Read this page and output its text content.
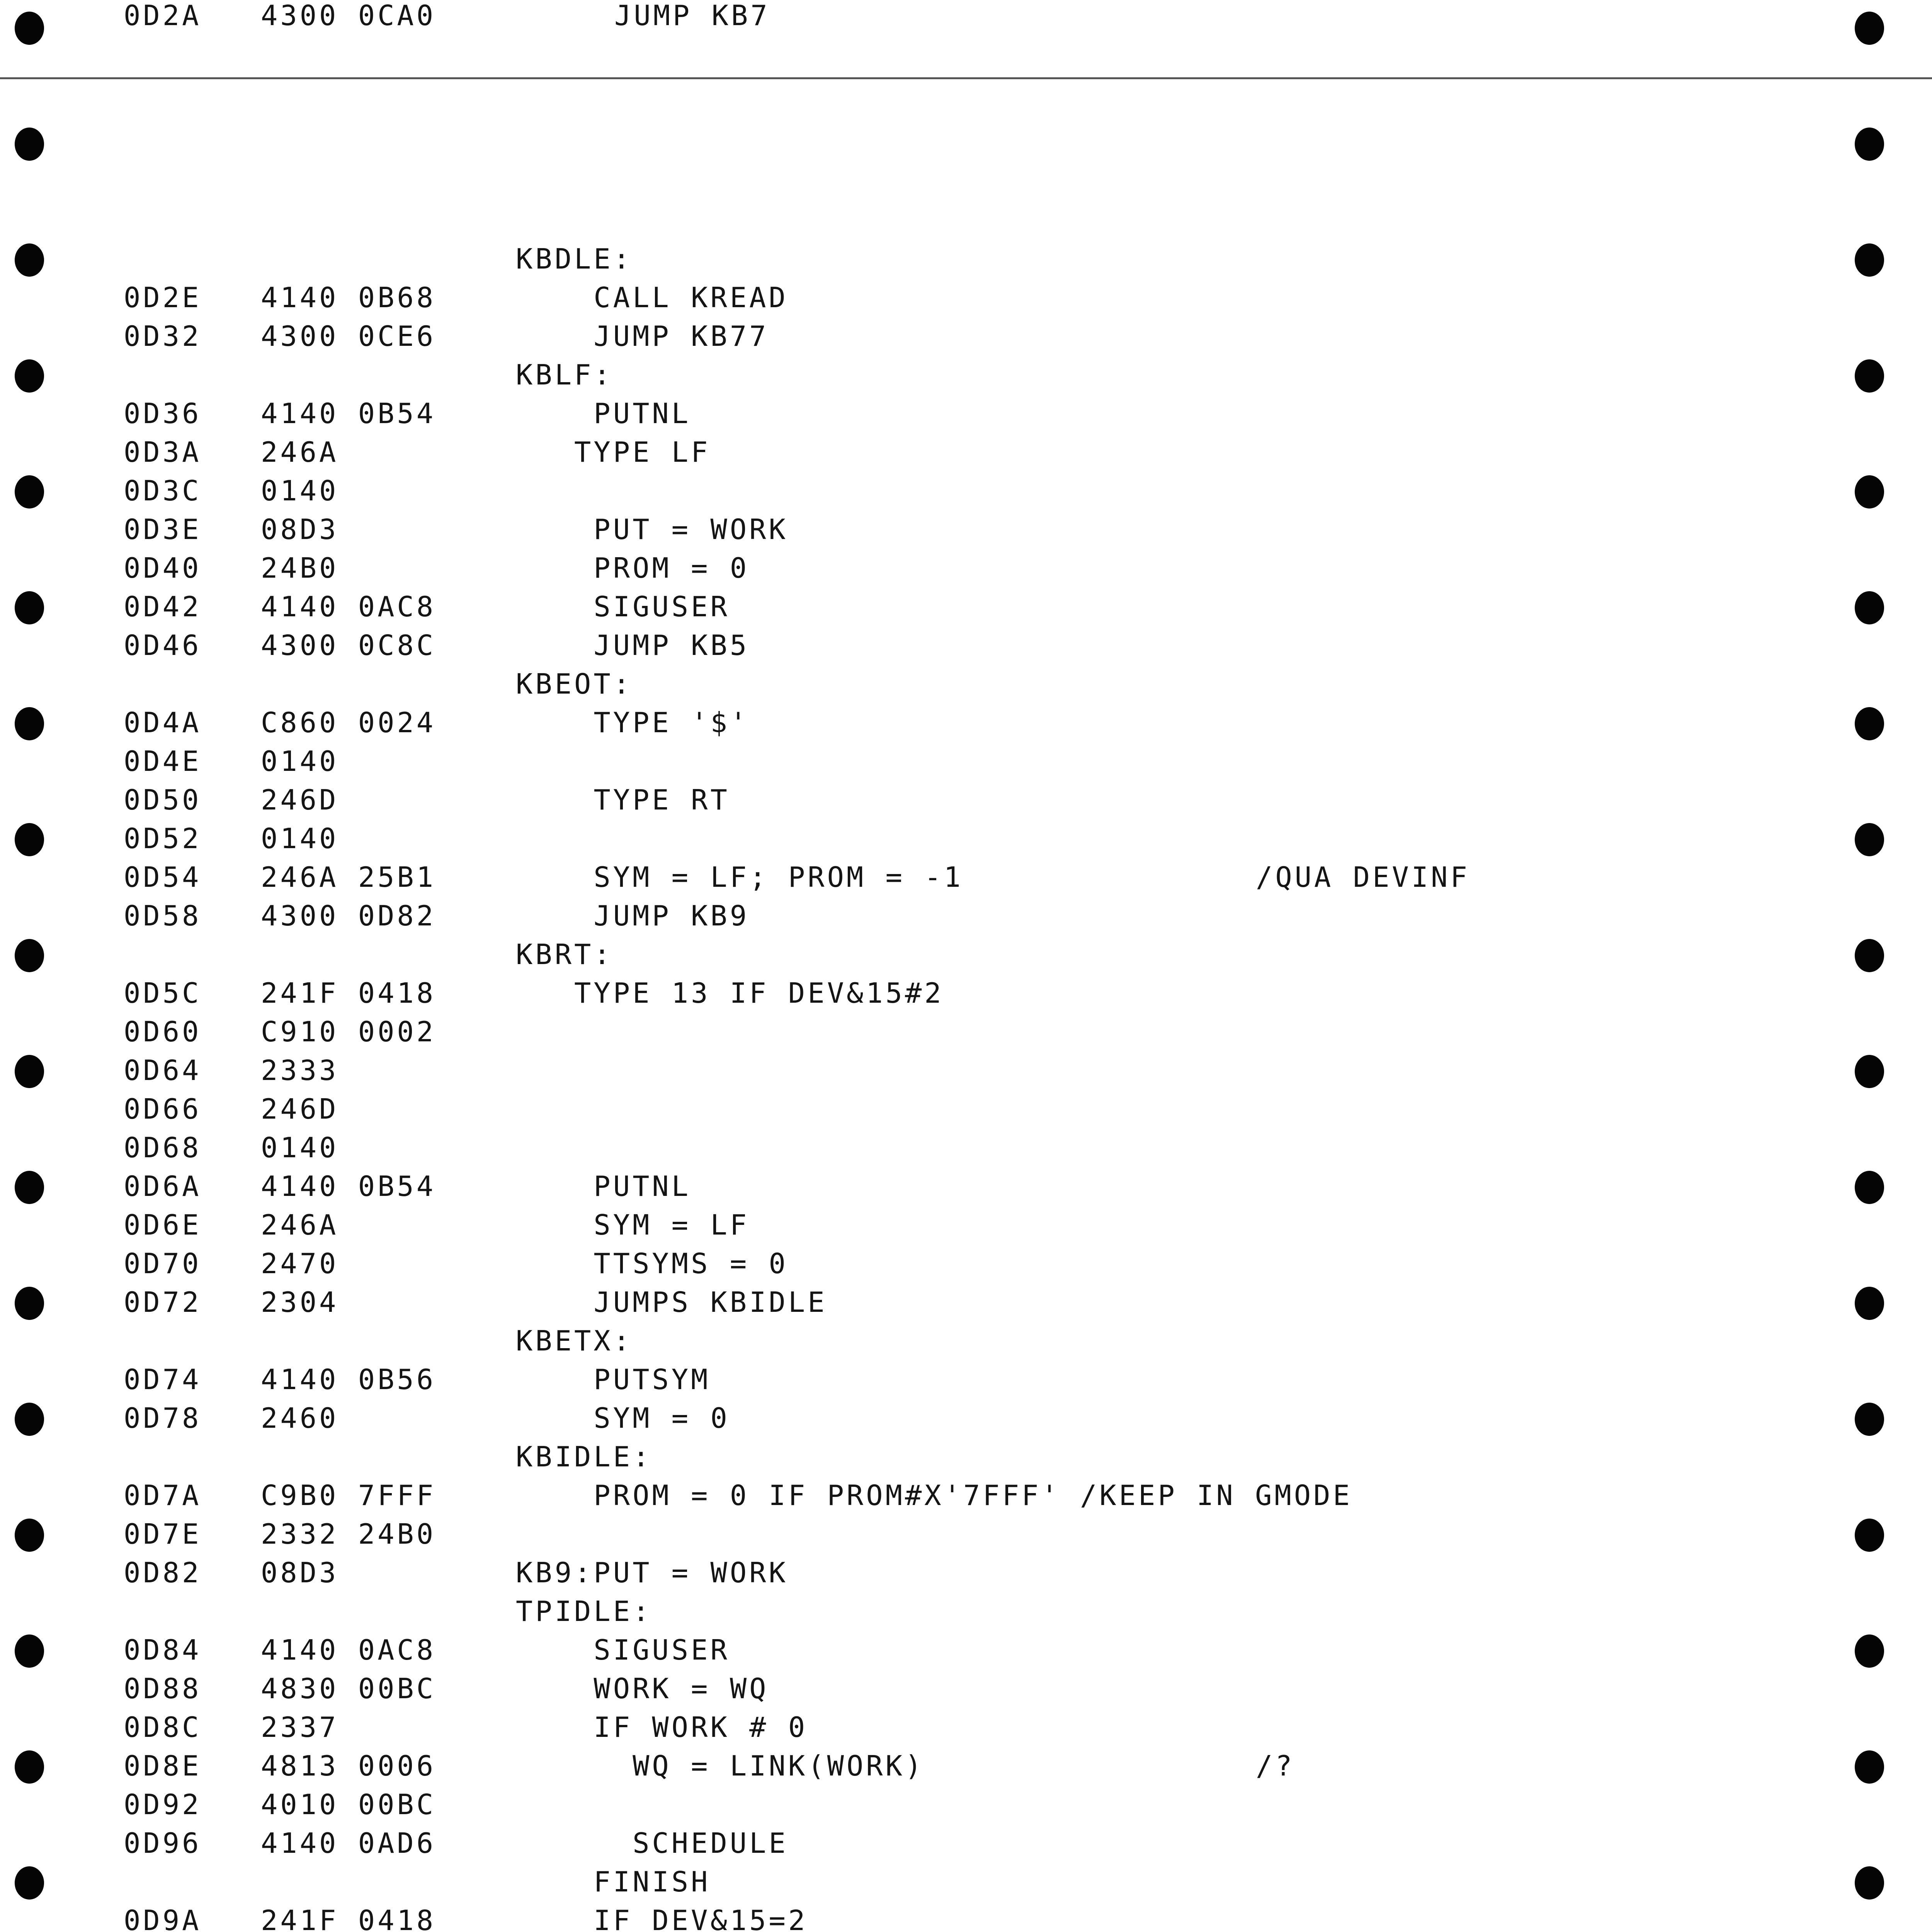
0D2A 4300 0CA0	JUMP KB7
KBDLE:
0D2E 4140 0B68	CALL KREAD
0D32 4300 0CE6	JUMP KB77
KBLF:
0D36 4140 0B54	PUTNL
0D3A 246A	TYPE LF
0D3C 0140
0D3E 08D3	PUT = WORK
0D40 24B0	PROM = 0
0D42 4140 0AC8	SIGUSER
0D46 4300 0C8C	JUMP KB5
KBEOT:
0D4A C860 0024	TYPE '$'
0D4E 0140
0D50 246D	TYPE RT
0D52 0140
0D54 246A 25B1	SYM = LF; PROM = -1	/QUA DEVINF
0D58 4300 0D82	JUMP KB9
KBRT:
0D5C 241F 0418	TYPE 13 IF DEV&15#2
0D60 C910 0002
0D64 2333
0D66 246D
0D68 0140
0D6A 4140 0B54	PUTNL
0D6E 246A	SYM = LF
0D70 2470	TTSYMS = 0
0D72 2304	JUMPS KBIDLE
KBETX:
0D74 4140 0B56	PUTSYM
0D78 2460	SYM = 0
KBIDLE:
0D7A C9B0 7FFF	PROM = 0 IF PROM#X'7FFF' /KEEP IN GMODE
0D7E 2332 24B0
0D82 08D3	KB9:PUT = WORK
TPIDLE:
0D84 4140 0AC8	SIGUSER
0D88 4830 00BC	WORK = WQ
0D8C 2337	IF WORK # 0
0D8E 4813 0006	WQ = LINK(WORK)	/?
0D92 4010 00BC
0D96 4140 0AD6	SCHEDULE
FINISH
0D9A 241F 0418	IF DEV&15=2
